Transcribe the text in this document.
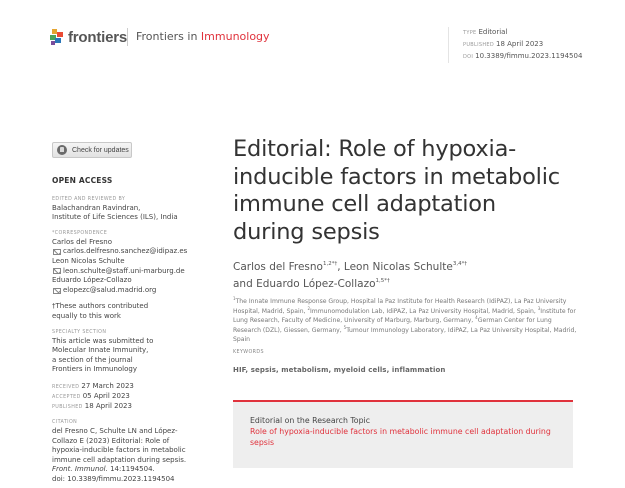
frontiers Frontiers in Immunology	TYPE Editorial
PUBLISHED 18 April 2023
DOI 10.3389/fimmu.2023.1194504
Check for updates
OPEN ACCESS
EDITED AND REVIEWED BY
Balachandran Ravindran,
Institute of Life Sciences (ILS), India
*CORRESPONDENCE
Carlos del Fresno
carlos.delfresno.sanchez@idipaz.es
Leon Nicolas Schulte
leon.schulte@staff.uni-marburg.de
Eduardo López-Collazo
elopezc@salud.madrid.org
†These authors contributed equally to this work
SPECIALTY SECTION
This article was submitted to
Molecular Innate Immunity,
a section of the journal
Frontiers in Immunology
RECEIVED 27 March 2023
ACCEPTED 05 April 2023
PUBLISHED 18 April 2023
CITATION
del Fresno C, Schulte LN and López-Collazo E (2023) Editorial: Role of hypoxia-inducible factors in metabolic immune cell adaptation during sepsis. Front. Immunol. 14:1194504.
doi: 10.3389/fimmu.2023.1194504
Editorial: Role of hypoxia-inducible factors in metabolic immune cell adaptation during sepsis
Carlos del Fresno$^{1,2*\dagger}$, Leon Nicolas Schulte$^{3,4*\dagger}$
and Eduardo López-Collazo$^{1,5*\dagger}$
$^1$The Innate Immune Response Group, Hospital la Paz Institute for Health Research (IdiPAZ), La Paz University Hospital, Madrid, Spain, $^2$Immunomodulation Lab, IdiPAZ, La Paz University Hospital, Madrid, Spain, $^3$Institute for Lung Research, Faculty of Medicine, University of Marburg, Marburg, Germany, $^4$German Center for Lung Research (DZL), Giessen, Germany, $^5$Tumour Immunology Laboratory, IdiPAZ, La Paz University Hospital, Madrid, Spain
KEYWORDS
HIF, sepsis, metabolism, myeloid cells, inflammation
Editorial on the Research Topic
Role of hypoxia-inducible factors in metabolic immune cell adaptation during sepsis
